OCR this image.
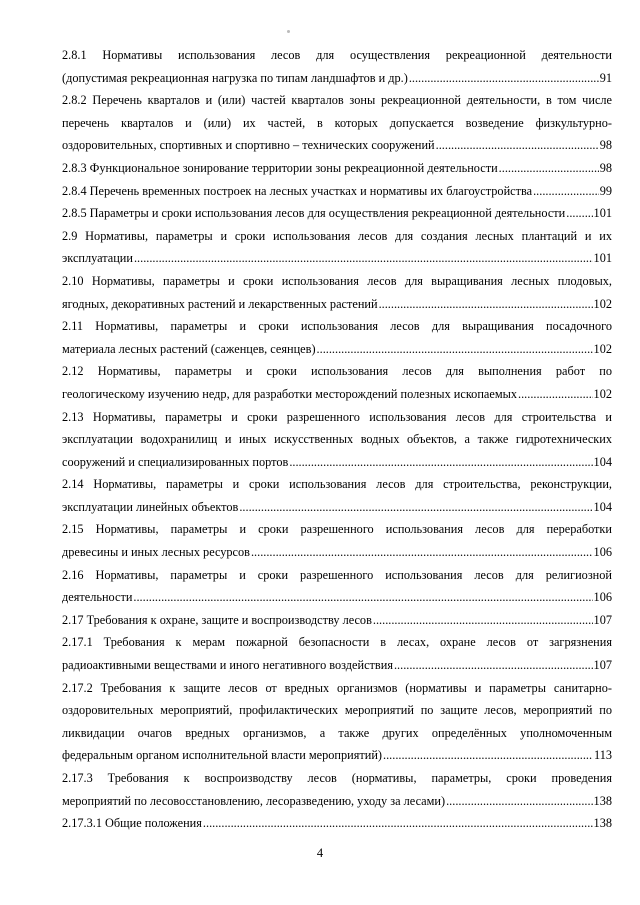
2.8.1 Нормативы использования лесов для осуществления рекреационной деятельности
(допустимая рекреационная нагрузка по типам ландшафтов и др.) .....	91
2.8.2 Перечень кварталов и (или) частей кварталов зоны рекреационной деятельности, в том числе
перечень кварталов и (или) их частей, в которых допускается возведение физкультурно-
оздоровительных, спортивных и спортивно – технических сооружений .....	98
2.8.3 Функциональное зонирование территории зоны рекреационной деятельности .....	98
2.8.4 Перечень временных построек на лесных участках и нормативы их благоустройства .....	99
2.8.5 Параметры и сроки использования лесов для осуществления рекреационной деятельности ..... 101
2.9 Нормативы, параметры и сроки использования лесов для создания лесных плантаций и их
эксплуатации .....	101
2.10 Нормативы, параметры и сроки использования лесов для выращивания лесных плодовых,
ягодных, декоративных растений и лекарственных растений .....	102
2.11 Нормативы, параметры и сроки использования лесов для выращивания посадочного
материала лесных растений (саженцев, сеянцев) .....	102
2.12 Нормативы, параметры и сроки использования лесов для выполнения работ по
геологическому изучению недр, для разработки месторождений полезных ископаемых .....	102
2.13 Нормативы, параметры и сроки разрешенного использования лесов для строительства и
эксплуатации водохранилищ и иных искусственных водных объектов, а также гидротехнических
сооружений и специализированных портов .....	104
2.14 Нормативы, параметры и сроки использования лесов для строительства, реконструкции,
эксплуатации линейных объектов .....	104
2.15 Нормативы, параметры и сроки разрешенного использования лесов для переработки
древесины и иных лесных ресурсов .....	106
2.16 Нормативы, параметры и сроки разрешенного использования лесов для религиозной
деятельности .....	106
2.17 Требования к охране, защите и воспроизводству лесов .....	107
2.17.1 Требования к мерам пожарной безопасности в лесах, охране лесов от загрязнения
радиоактивными веществами и иного негативного воздействия .....	107
2.17.2 Требования к защите лесов от вредных организмов (нормативы и параметры санитарно-
оздоровительных мероприятий, профилактических мероприятий по защите лесов, мероприятий по
ликвидации очагов вредных организмов, а также других определённых уполномоченным
федеральным органом исполнительной власти мероприятий) .....	113
2.17.3 Требования к воспроизводству лесов (нормативы, параметры, сроки проведения
мероприятий по лесовосстановлению, лесоразведению, уходу за лесами) .....	138
2.17.3.1 Общие положения .....	138
4
